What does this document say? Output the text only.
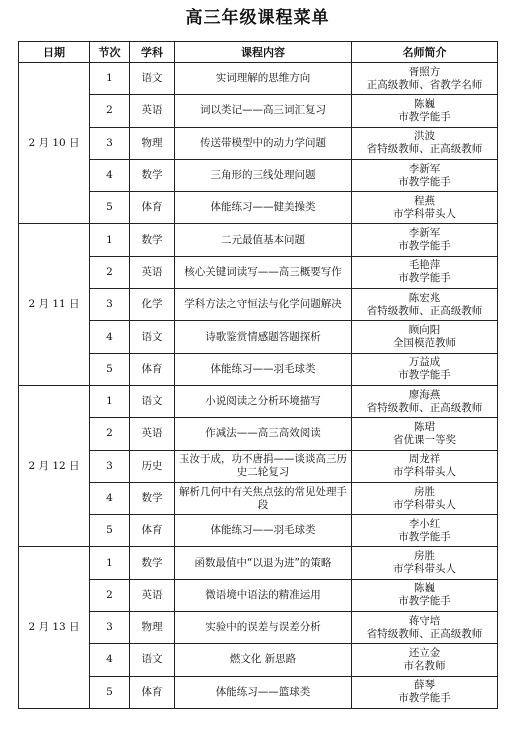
高三年级课程菜单
日期	节次	学科	课程内容	名师简介
2 月 10 日	1	语文	实词理解的思维方向	胥照方
正高级教师、省教学名师

	2	英语	词以类记——高三词汇复习	陈巍
市教学能手

	3	物理	传送带模型中的动力学问题	洪波
省特级教师、正高级教师

	4	数学	三角形的三线处理问题	李新军
市教学能手

	5	体育	体能练习——健美操类	程燕
市学科带头人

2 月 11 日	1	数学	二元最值基本问题	李新军
市教学能手

	2	英语	核心关键词读写——高三概要写作	毛艳萍
市教学能手

	3	化学	学科方法之守恒法与化学问题解决	陈宏兆
省特级教师、正高级教师

	4	语文	诗歌鉴赏情感题答题探析	顾向阳
全国模范教师

	5	体育	体能练习——羽毛球类	万益成
市教学能手

2 月 12 日	1	语文	小说阅读之分析环境描写	廖海燕
省特级教师、正高级教师

	2	英语	作减法——高三高效阅读	陈珺
省优课一等奖

	3	历史	玉汝于成，功不唐捐——谈谈高三历史二轮复习	周龙祥
市学科带头人

	4	数学	解析几何中有关焦点弦的常见处理手段	房胜
市学科带头人

	5	体育	体能练习——羽毛球类	李小红
市教学能手

2 月 13 日	1	数学	函数最值中“以退为进”的策略	房胜
市学科带头人

	2	英语	微语境中语法的精准运用	陈巍
市教学能手

	3	物理	实验中的误差与误差分析	蒋守培
省特级教师、正高级教师

	4	语文	燃文化 新思路	还立金
市名教师

	5	体育	体能练习——篮球类	薛琴
市教学能手
